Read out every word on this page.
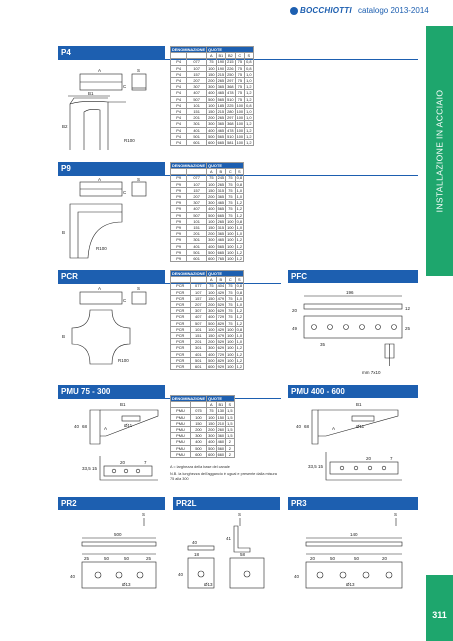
BOCCHIOTTI catalogo 2013-2014
INSTALLAZIONE IN ACCIAIO
311
P4	DENOMINAZIONE		QUOTE				
		A	B1	B2	C	S
P4	077	75	190	215	75	0,8
P4	107	100	190	226	75	0,8
P4	157	150	215	250	75	1,0
P4	207	200	265	297	75	1,0
P4	307	300	365	368	75	1,2
P4	407	400	465	478	75	1,2
P4	507	500	565	510	75	1,2
P4	101	100	185	225	100	0,8
P4	151	150	215	280	100	1,0
P4	201	200	265	297	100	1,0
P4	301	300	365	368	100	1,2
P4	401	400	465	478	100	1,2
P4	501	500	565	510	100	1,2
P4	601	600	665	581	100	1,2
A
C
S
B1
B2
R100
P9	DENOMINAZIONE		QUOTE			
		A	B	C	S
P9	077	75	245	75	0,8
P9	107	100	265	75	0,8
P9	157	150	315	75	1,0
P9	207	200	365	75	1,0
P9	307	300	465	75	1,2
P9	407	400	565	75	1,2
P9	507	500	665	75	1,2
P9	101	100	265	100	0,8
P9	151	150	315	100	1,0
P9	201	200	365	100	1,0
P9	301	300	465	100	1,2
P9	401	400	565	100	1,2
P9	501	500	665	100	1,2
P9	601	600	765	100	1,2
A
C
S
B
R100
PCR	DENOMINAZIONE		QUOTE			
		A	B	C	S
PCR	077	75	404	75	0,8
PCR	107	100	429	75	0,8
PCR	157	150	479	75	1,0
PCR	207	200	529	75	1,0
PCR	307	300	629	75	1,2
PCR	407	400	729	75	1,2
PCR	507	500	829	75	1,2
PCR	101	100	429	100	0,8
PCR	151	150	479	100	1,0
PCR	201	200	529	100	1,0
PCR	301	300	629	100	1,2
PCR	401	400	729	100	1,2
PCR	501	500	829	100	1,2
PCR	601	600	929	100	1,2
A
C
S
B
R100
PFC
196
20	12
49
35
25
mm 7x10
PMU 75 - 300
DENOMINAZIONE		QUOTE		
		A	B1	S
PMU	075	75	130	1,5
PMU	100	100	150	1,5
PMU	150	150	210	1,5
PMU	200	200	260	1,5
PMU	300	300	360	1,5
PMU	400	400	460	2
PMU	500	500	560	2
PMU	600	600	660	2
A = larghezza della base del canale
N.B. la lunghezza dell'aggancio è ugual e presente dalla misura 75 alla 300
B1
Ø11
A
68
40
20	7
33,5 15
PMU 400 - 600
B1
Ø11
A
68
40
20	7
33,5 15
PR2
S
500
25	50	50	25
40
Ø13
PR2L
S
40
41
18
40
58
Ø13
PR3
S
140
20	50	50	20
40
Ø13
